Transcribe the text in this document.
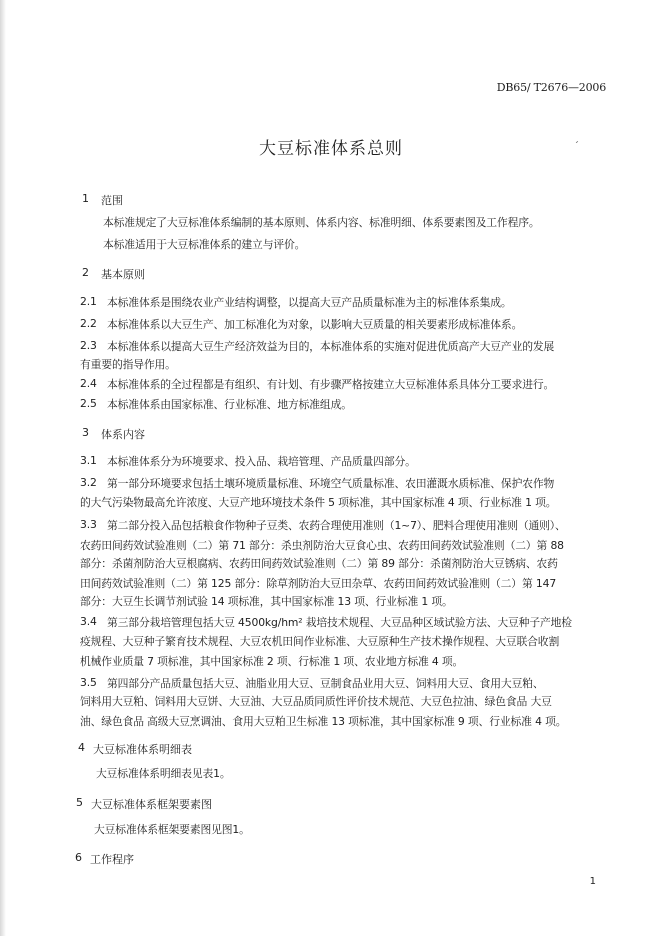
DB65/ T2676—2006
´
大豆标准体系总则
1 范围
本标准规定了大豆标准体系编制的基本原则、体系内容、标准明细、体系要素图及工作程序。
本标准适用于大豆标准体系的建立与评价。
2 基本原则
2.1 本标准体系是围绕农业产业结构调整，以提高大豆产品质量标准为主的标准体系集成。
2.2 本标准体系以大豆生产、加工标准化为对象，以影响大豆质量的相关要素形成标准体系。
2.3 本标准体系以提高大豆生产经济效益为目的，本标准体系的实施对促进优质高产大豆产业的发展
有重要的指导作用。
2.4 本标准体系的全过程都是有组织、有计划、有步骤严格按建立大豆标准体系具体分工要求进行。
2.5 本标准体系由国家标准、行业标准、地方标准组成。
3 体系内容
3.1 本标准体系分为环境要求、投入品、栽培管理、产品质量四部分。
3.2 第一部分环境要求包括土壤环境质量标准、环境空气质量标准、农田灌溉水质标准、保护农作物
的大气污染物最高允许浓度、大豆产地环境技术条件 5 项标准，其中国家标准 4 项、行业标准 1 项。
3.3 第二部分投入品包括粮食作物种子豆类、农药合理使用准则（1~7）、肥料合理使用准则（通则）、
农药田间药效试验准则（二）第 71 部分：杀虫剂防治大豆食心虫、农药田间药效试验准则（二）第 88
部分：杀菌剂防治大豆根腐病、农药田间药效试验准则（二）第 89 部分：杀菌剂防治大豆锈病、农药
田间药效试验准则（二）第 125 部分：除草剂防治大豆田杂草、农药田间药效试验准则（二）第 147
部分：大豆生长调节剂试验 14 项标准，其中国家标准 13 项、行业标准 1 项。
3.4 第三部分栽培管理包括大豆 4500kg/hm² 栽培技术规程、大豆品种区域试验方法、大豆种子产地检
疫规程、大豆种子繁育技术规程、大豆农机田间作业标准、大豆原种生产技术操作规程、大豆联合收割
机械作业质量 7 项标准，其中国家标准 2 项、行标准 1 项、农业地方标准 4 项。
3.5 第四部分产品质量包括大豆、油脂业用大豆、豆制食品业用大豆、饲料用大豆、食用大豆粕、
饲料用大豆粕、饲料用大豆饼、大豆油、大豆品质同质性评价技术规范、大豆色拉油、绿色食品 大豆
油、绿色食品 高级大豆烹调油、食用大豆粕卫生标准 13 项标准，其中国家标准 9 项、行业标准 4 项。
4 大豆标准体系明细表
大豆标准体系明细表见表1。
5 大豆标准体系框架要素图
大豆标准体系框架要素图见图1。
6 工作程序
1
